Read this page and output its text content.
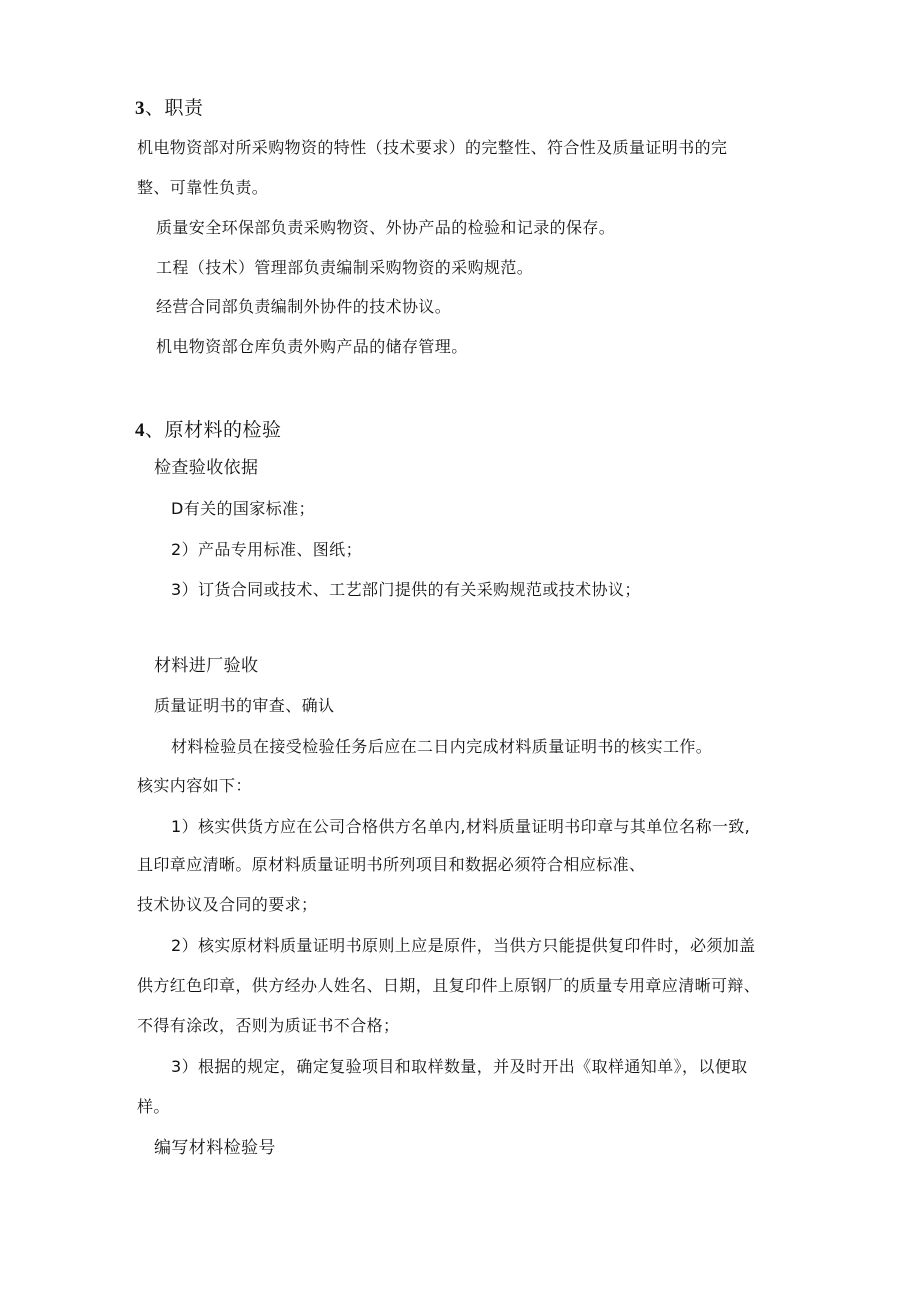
3、职责
机电物资部对所采购物资的特性（技术要求）的完整性、符合性及质量证明书的完
整、可靠性负责。
质量安全环保部负责采购物资、外协产品的检验和记录的保存。
工程（技术）管理部负责编制采购物资的采购规范。
经营合同部负责编制外协件的技术协议。
机电物资部仓库负责外购产品的储存管理。
4、原材料的检验
检查验收依据
D有关的国家标准；
2）产品专用标准、图纸；
3）订货合同或技术、工艺部门提供的有关采购规范或技术协议；
材料进厂验收
质量证明书的审查、确认
材料检验员在接受检验任务后应在二日内完成材料质量证明书的核实工作。
核实内容如下：
1）核实供货方应在公司合格供方名单内,材料质量证明书印章与其单位名称一致,
且印章应清晰。原材料质量证明书所列项目和数据必须符合相应标准、
技术协议及合同的要求；
2）核实原材料质量证明书原则上应是原件，当供方只能提供复印件时，必须加盖
供方红色印章，供方经办人姓名、日期，且复印件上原钢厂的质量专用章应清晰可辩、
不得有涂改，否则为质证书不合格；
3）根据的规定，确定复验项目和取样数量，并及时开出《取样通知单》，以便取
样。
编写材料检验号
